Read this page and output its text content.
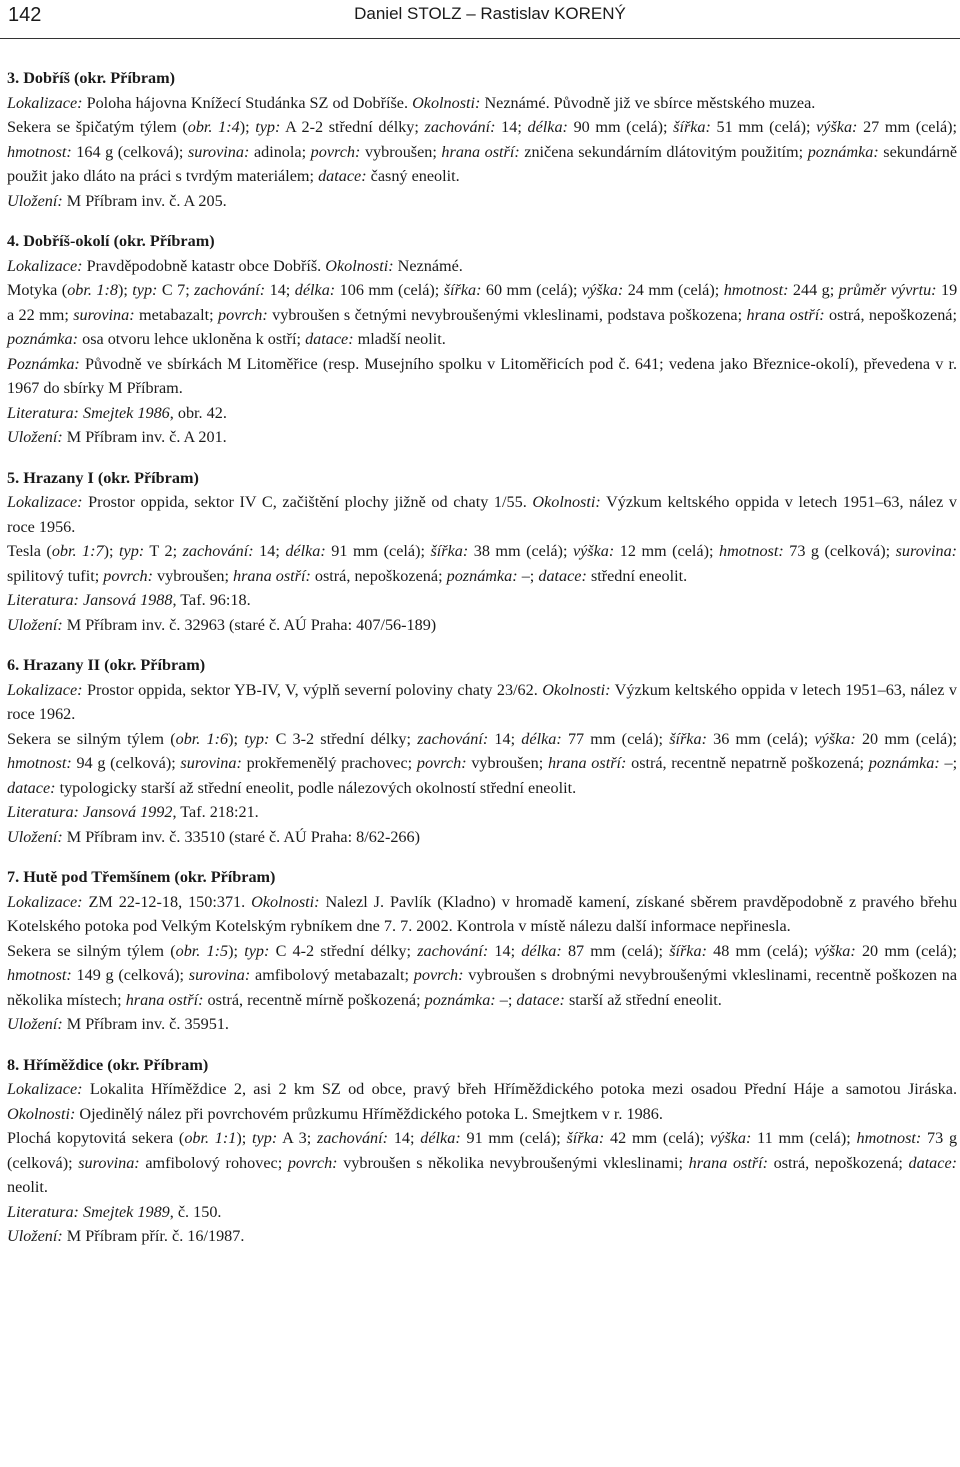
142	Daniel STOLZ – Rastislav KORENÝ

3. Dobříš (okr. Příbram)

Lokalizace: Poloha hájovna Knížecí Studánka SZ od Dobříše. Okolnosti: Neznámé. Původně již ve sbírce městského muzea.

Sekera se špičatým týlem (obr. 1:4); typ: A 2-2 střední délky; zachování: 14; délka: 90 mm (celá); šířka: 51 mm (celá); výška: 27 mm (celá); hmotnost: 164 g (celková); surovina: adinola; povrch: vybroušen; hrana ostří: zničena sekundárním dlátovitým použitím; poznámka: sekundárně použit jako dláto na práci s tvrdým materiálem; datace: časný eneolit.

Uložení: M Příbram inv. č. A 205.

4. Dobříš-okolí (okr. Příbram)

Lokalizace: Pravděpodobně katastr obce Dobříš. Okolnosti: Neznámé.

Motyka (obr. 1:8); typ: C 7; zachování: 14; délka: 106 mm (celá); šířka: 60 mm (celá); výška: 24 mm (celá); hmotnost: 244 g; průměr vývrtu: 19 a 22 mm; surovina: metabazalt; povrch: vybroušen s četnými nevybroušenými vkleslinami, podstava poškozena; hrana ostří: ostrá, nepoškozená; poznámka: osa otvoru lehce ukloněna k ostří; datace: mladší neolit.

Poznámka: Původně ve sbírkách M Litoměřice (resp. Musejního spolku v Litoměřicích pod č. 641; vedena jako Březnice-okolí), převedena v r. 1967 do sbírky M Příbram.

Literatura: Smejtek 1986, obr. 42.

Uložení: M Příbram inv. č. A 201.

5. Hrazany I (okr. Příbram)

Lokalizace: Prostor oppida, sektor IV C, začištění plochy jižně od chaty 1/55. Okolnosti: Výzkum keltského oppida v letech 1951–63, nález v roce 1956.

Tesla (obr. 1:7); typ: T 2; zachování: 14; délka: 91 mm (celá); šířka: 38 mm (celá); výška: 12 mm (celá); hmotnost: 73 g (celková); surovina: spilitový tufit; povrch: vybroušen; hrana ostří: ostrá, nepoškozená; poznámka: –; datace: střední eneolit.

Literatura: Jansová 1988, Taf. 96:18.

Uložení: M Příbram inv. č. 32963 (staré č. AÚ Praha: 407/56-189)

6. Hrazany II (okr. Příbram)

Lokalizace: Prostor oppida, sektor YB-IV, V, výplň severní poloviny chaty 23/62. Okolnosti: Výzkum keltského oppida v letech 1951–63, nález v roce 1962.

Sekera se silným týlem (obr. 1:6); typ: C 3-2 střední délky; zachování: 14; délka: 77 mm (celá); šířka: 36 mm (celá); výška: 20 mm (celá); hmotnost: 94 g (celková); surovina: prokřemenělý prachovec; povrch: vybroušen; hrana ostří: ostrá, recentně nepatrně poškozená; poznámka: –; datace: typologicky starší až střední eneolit, podle nálezových okolností střední eneolit.

Literatura: Jansová 1992, Taf. 218:21.

Uložení: M Příbram inv. č. 33510 (staré č. AÚ Praha: 8/62-266)

7. Hutě pod Třemšínem (okr. Příbram)

Lokalizace: ZM 22-12-18, 150:371. Okolnosti: Nalezl J. Pavlík (Kladno) v hromadě kamení, získané sběrem pravděpodobně z pravého břehu Kotelského potoka pod Velkým Kotelským rybníkem dne 7. 7. 2002. Kontrola v místě nálezu další informace nepřinesla.

Sekera se silným týlem (obr. 1:5); typ: C 4-2 střední délky; zachování: 14; délka: 87 mm (celá); šířka: 48 mm (celá); výška: 20 mm (celá); hmotnost: 149 g (celková); surovina: amfibolový metabazalt; povrch: vybroušen s drobnými nevybroušenými vkleslinami, recentně poškozen na několika místech; hrana ostří: ostrá, recentně mírně poškozená; poznámka: –; datace: starší až střední eneolit.

Uložení: M Příbram inv. č. 35951.

8. Hříměždice (okr. Příbram)

Lokalizace: Lokalita Hříměždice 2, asi 2 km SZ od obce, pravý břeh Hříměždického potoka mezi osadou Přední Háje a samotou Jiráska. Okolnosti: Ojedinělý nález při povrchovém průzkumu Hříměždického potoka L. Smejtkem v r. 1986.

Plochá kopytovitá sekera (obr. 1:1); typ: A 3; zachování: 14; délka: 91 mm (celá); šířka: 42 mm (celá); výška: 11 mm (celá); hmotnost: 73 g (celková); surovina: amfibolový rohovec; povrch: vybroušen s několika nevybroušenými vkleslinami; hrana ostří: ostrá, nepoškozená; datace: neolit.

Literatura: Smejtek 1989, č. 150.

Uložení: M Příbram přír. č. 16/1987.
